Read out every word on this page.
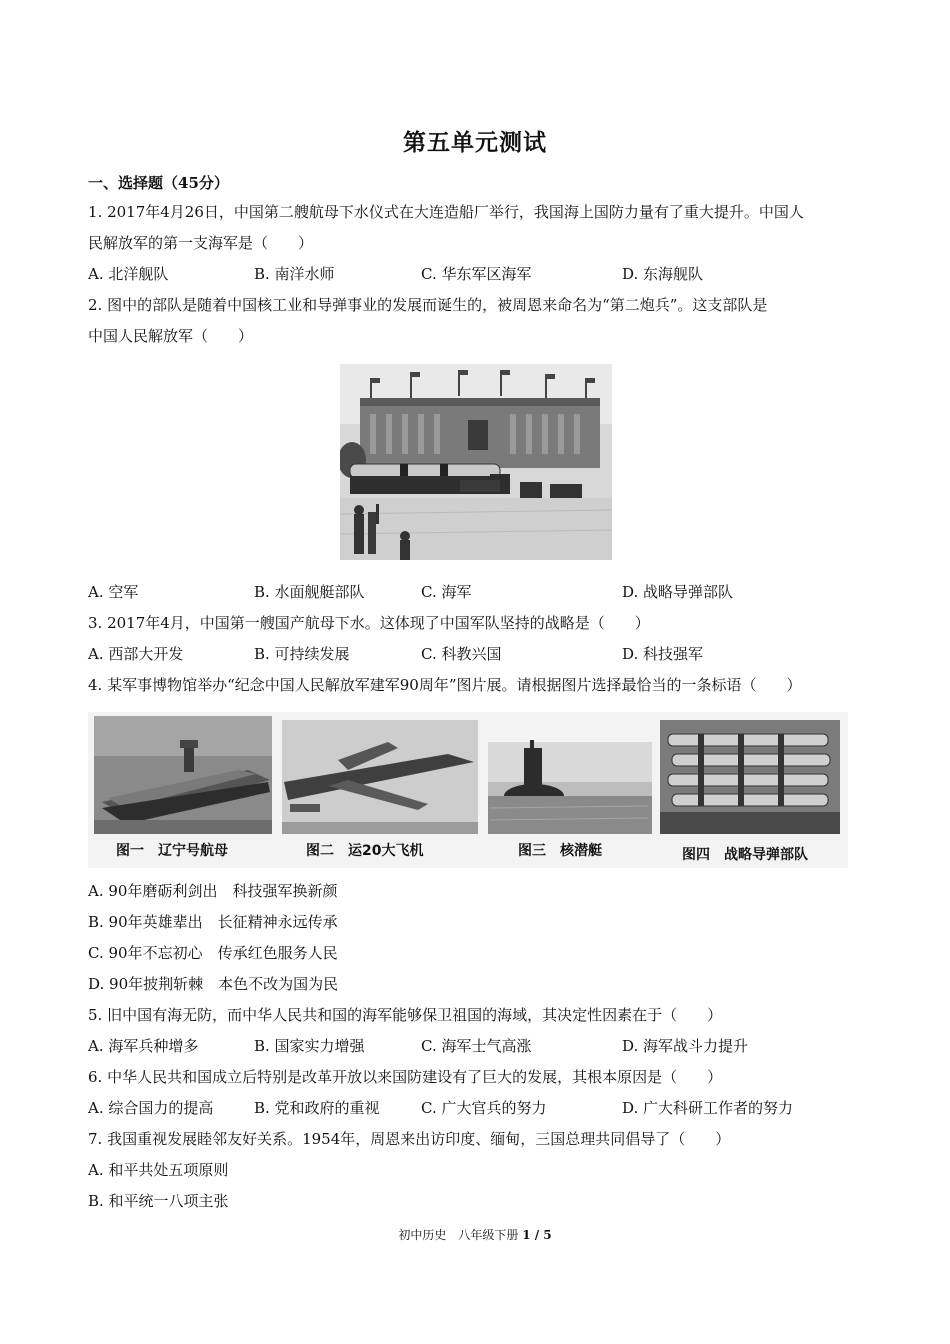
第五单元测试
一、选择题（45分）
1. 2017年4月26日，中国第二艘航母下水仪式在大连造船厂举行，我国海上国防力量有了重大提升。中国人
民解放军的第一支海军是（　　）
A. 北洋舰队	B. 南洋水师	C. 华东军区海军	D. 东海舰队
2. 图中的部队是随着中国核工业和导弹事业的发展而诞生的，被周恩来命名为“第二炮兵”。这支部队是
中国人民解放军（　　）
A. 空军	B. 水面舰艇部队	C. 海军	D. 战略导弹部队
3. 2017年4月，中国第一艘国产航母下水。这体现了中国军队坚持的战略是（　　）
A. 西部大开发	B. 可持续发展	C. 科教兴国	D. 科技强军
4. 某军事博物馆举办“纪念中国人民解放军建军90周年”图片展。请根据图片选择最恰当的一条标语（　　）
图一　辽宁号航母	图二　运20大飞机	图三　核潜艇	图四　战略导弹部队
A. 90年磨砺利剑出　科技强军换新颜
B. 90年英雄辈出　长征精神永远传承
C. 90年不忘初心　传承红色服务人民
D. 90年披荆斩棘　本色不改为国为民
5. 旧中国有海无防，而中华人民共和国的海军能够保卫祖国的海域，其决定性因素在于（　　）
A. 海军兵种增多	B. 国家实力增强	C. 海军士气高涨	D. 海军战斗力提升
6. 中华人民共和国成立后特别是改革开放以来国防建设有了巨大的发展，其根本原因是（　　）
A. 综合国力的提高	B. 党和政府的重视	C. 广大官兵的努力	D. 广大科研工作者的努力
7. 我国重视发展睦邻友好关系。1954年，周恩来出访印度、缅甸，三国总理共同倡导了（　　）
A. 和平共处五项原则
B. 和平统一八项主张
初中历史　八年级下册 1 / 5
